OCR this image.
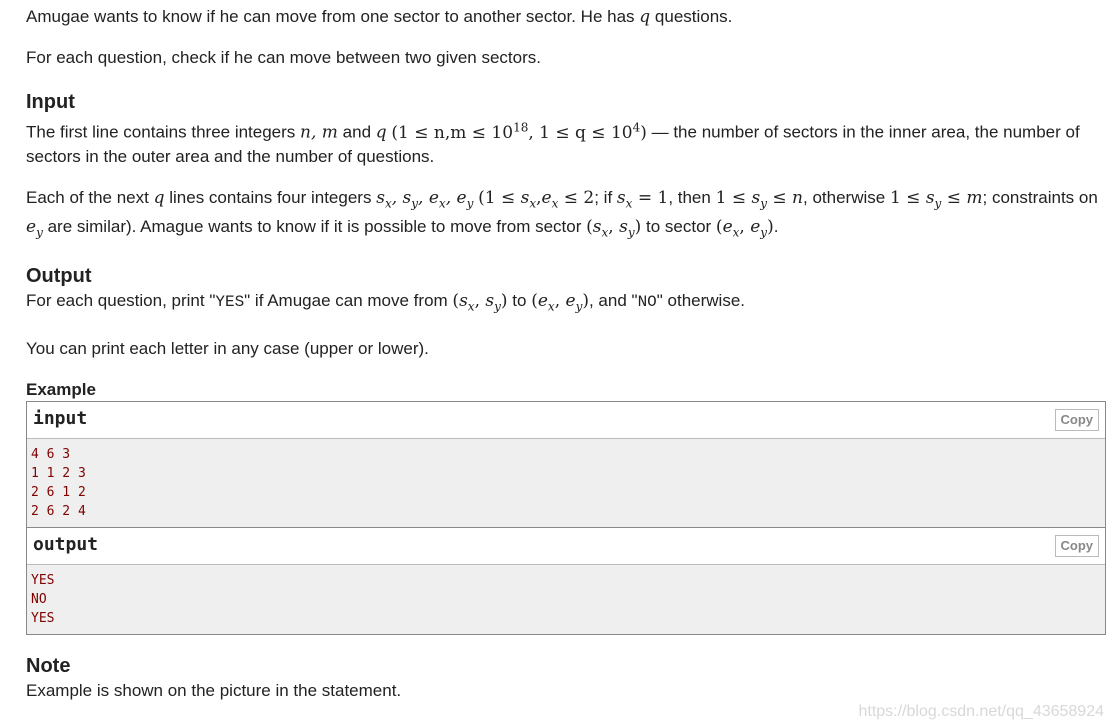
Amugae wants to know if he can move from one sector to another sector. He has q questions.

For each question, check if he can move between two given sectors.

Input

The first line contains three integers n, m and q ($1 \le n,m \le 10^{18}$, $1 \le q \le 10^4$) — the number of sectors in the inner area, the number of sectors in the outer area and the number of questions.

Each of the next q lines contains four integers $s_x$, $s_y$, $e_x$, $e_y$ ($1 \le s_x,e_x \le 2$; if $s_x = 1$, then $1 \le s_y \le n$, otherwise $1 \le s_y \le m$; constraints on $e_y$ are similar). Amague wants to know if it is possible to move from sector ($s_x$, $s_y$) to sector ($e_x$, $e_y$).

Output

For each question, print "YES" if Amugae can move from ($s_x$, $s_y$) to ($e_x$, $e_y$), and "NO" otherwise.

You can print each letter in any case (upper or lower).

Example
input	Copy
4 6 3
1 1 2 3
2 6 1 2
2 6 2 4
output	Copy
YES
NO
YES
Note

Example is shown on the picture in the statement.

https://blog.csdn.net/qq_43658924
